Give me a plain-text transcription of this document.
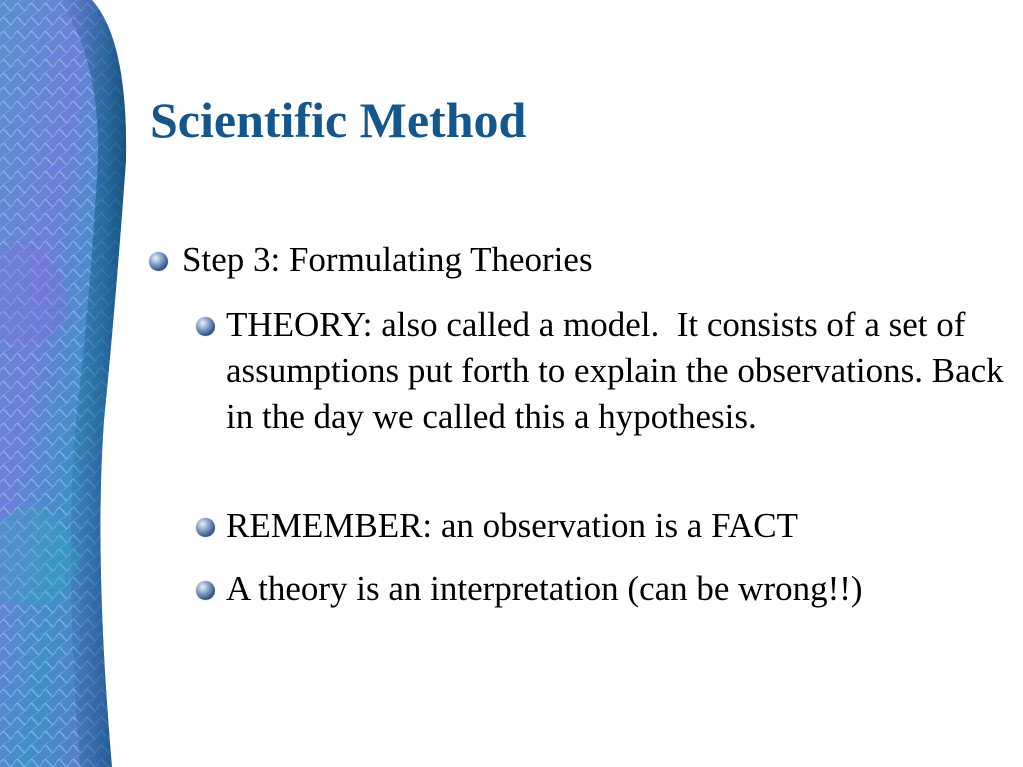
Scientific Method
Step 3: Formulating Theories
THEORY: also called a model.  It consists of a set of assumptions put forth to explain the observations. Back in the day we called this a hypothesis.
REMEMBER: an observation is a FACT
A theory is an interpretation (can be wrong!!)
